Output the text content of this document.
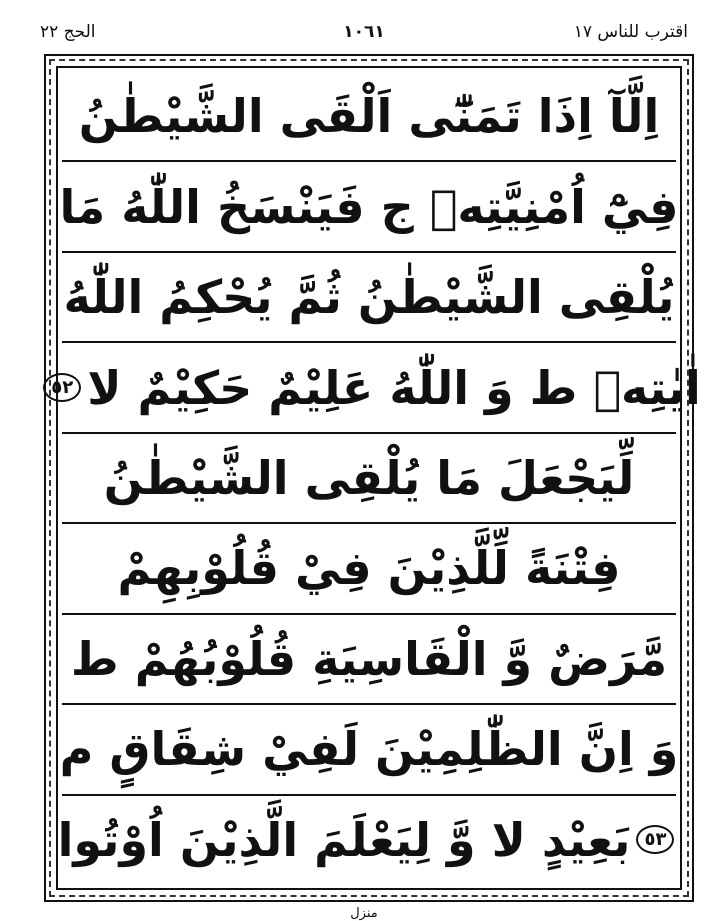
اقترب للناس ١٧
١٠٦١
الحج ٢٢
اِلَّآ اِذَا تَمَنّٰٓى اَلْقَى الشَّيْطٰنُ
فِيْٓ اُمْنِيَّتِهٖ ج فَيَنْسَخُ اللّٰهُ مَا
يُلْقِى الشَّيْطٰنُ ثُمَّ يُحْكِمُ اللّٰهُ
اٰيٰتِهٖ ط وَ اللّٰهُ عَلِيْمٌ حَكِيْمٌ لا
٥٢
لِّيَجْعَلَ مَا يُلْقِى الشَّيْطٰنُ
فِتْنَةً لِّلَّذِيْنَ فِيْ قُلُوْبِهِمْ
مَّرَضٌ وَّ الْقَاسِيَةِ قُلُوْبُهُمْ ط
وَ اِنَّ الظّٰلِمِيْنَ لَفِيْ شِقَاقٍ م
٥٣
بَعِيْدٍ لا وَّ لِيَعْلَمَ الَّذِيْنَ اُوْتُوا
منزل
